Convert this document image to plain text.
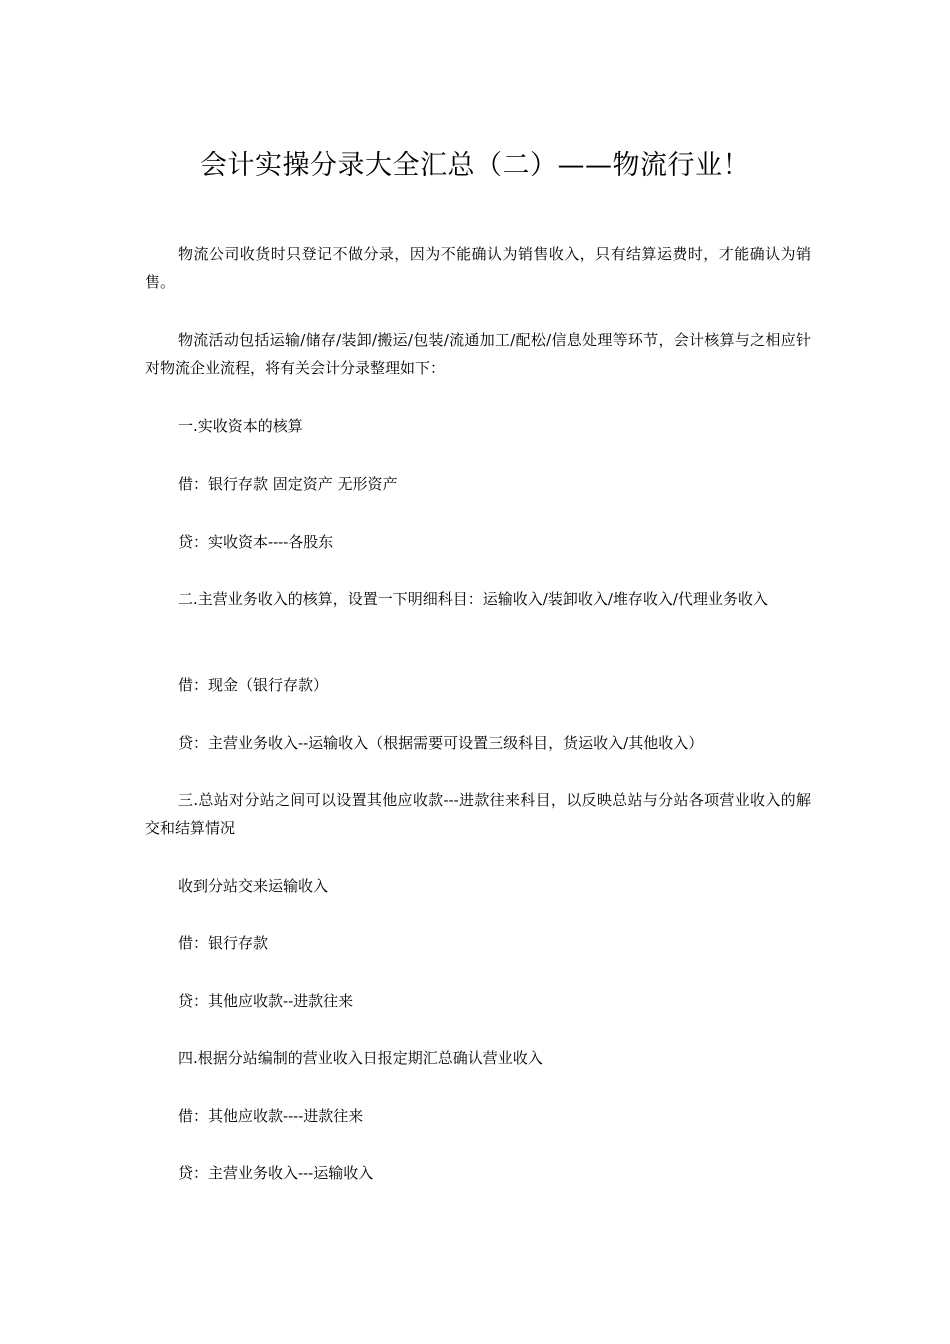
会计实操分录大全汇总（二）——物流行业！
物流公司收货时只登记不做分录，因为不能确认为销售收入，只有结算运费时，才能确认为销售。
物流活动包括运输/储存/装卸/搬运/包装/流通加工/配松/信息处理等环节，会计核算与之相应针对物流企业流程，将有关会计分录整理如下：
一.实收资本的核算
借：银行存款 固定资产 无形资产
贷：实收资本----各股东
二.主营业务收入的核算，设置一下明细科目：运输收入/装卸收入/堆存收入/代理业务收入
借：现金（银行存款）
贷：主营业务收入--运输收入（根据需要可设置三级科目，货运收入/其他收入）
三.总站对分站之间可以设置其他应收款---进款往来科目，以反映总站与分站各项营业收入的解交和结算情况
收到分站交来运输收入
借：银行存款
贷：其他应收款--进款往来
四.根据分站编制的营业收入日报定期汇总确认营业收入
借：其他应收款----进款往来
贷：主营业务收入---运输收入
